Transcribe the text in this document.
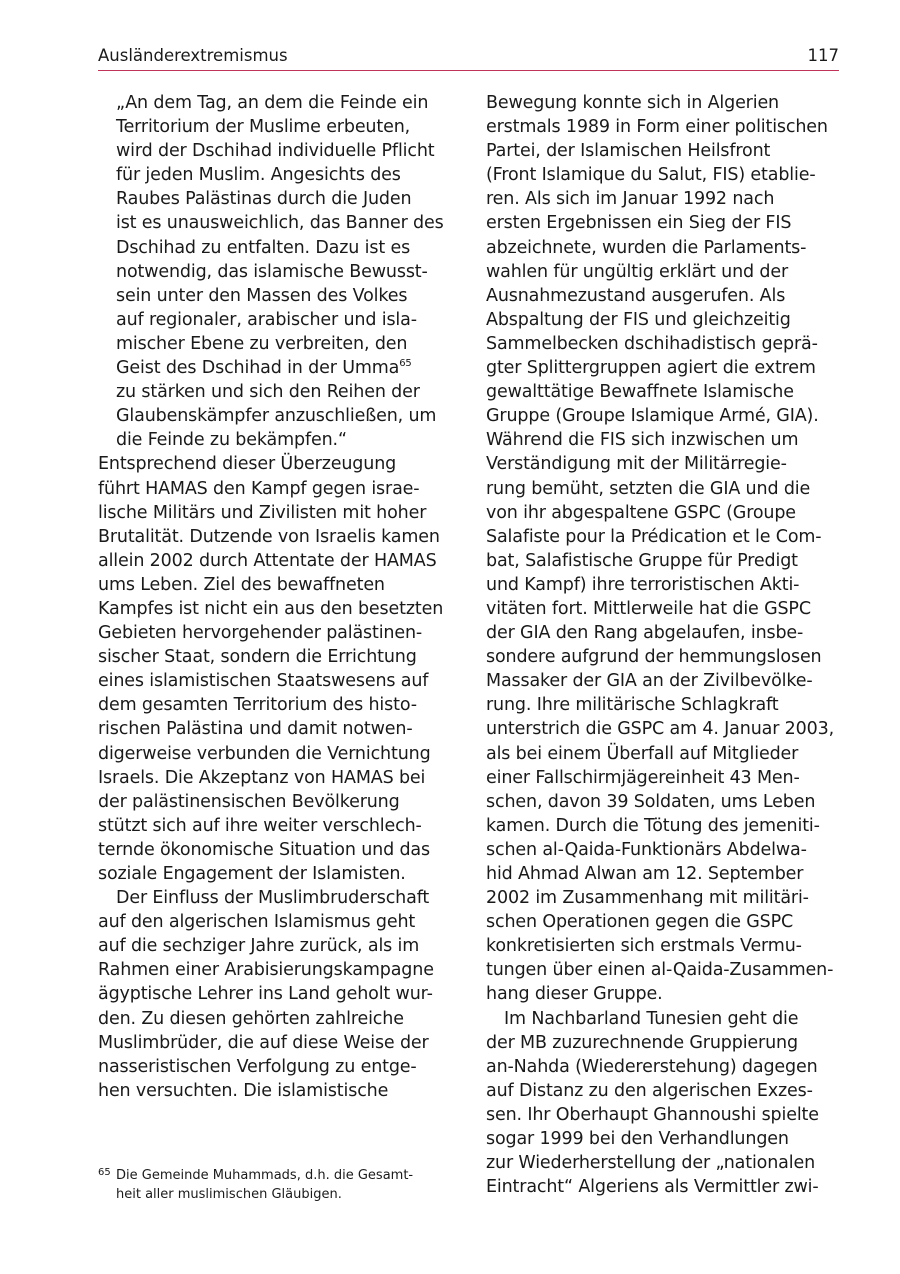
Ausländerextremismus	117
„An dem Tag, an dem die Feinde ein
Territorium der Muslime erbeuten,
wird der Dschihad individuelle Pflicht
für jeden Muslim. Angesichts des
Raubes Palästinas durch die Juden
ist es unausweichlich, das Banner des
Dschihad zu entfalten. Dazu ist es
notwendig, das islamische Bewusst-
sein unter den Massen des Volkes
auf regionaler, arabischer und isla-
mischer Ebene zu verbreiten, den
Geist des Dschihad in der Umma$^{65}$
zu stärken und sich den Reihen der
Glaubenskämpfer anzuschließen, um
die Feinde zu bekämpfen.“
Entsprechend dieser Überzeugung
führt HAMAS den Kampf gegen israe-
lische Militärs und Zivilisten mit hoher
Brutalität. Dutzende von Israelis kamen
allein 2002 durch Attentate der HAMAS
ums Leben. Ziel des bewaffneten
Kampfes ist nicht ein aus den besetzten
Gebieten hervorgehender palästinen-
sischer Staat, sondern die Errichtung
eines islamistischen Staatswesens auf
dem gesamten Territorium des histo-
rischen Palästina und damit notwen-
digerweise verbunden die Vernichtung
Israels. Die Akzeptanz von HAMAS bei
der palästinensischen Bevölkerung
stützt sich auf ihre weiter verschlech-
ternde ökonomische Situation und das
soziale Engagement der Islamisten.
Der Einfluss der Muslimbruderschaft
auf den algerischen Islamismus geht
auf die sechziger Jahre zurück, als im
Rahmen einer Arabisierungskampagne
ägyptische Lehrer ins Land geholt wur-
den. Zu diesen gehörten zahlreiche
Muslimbrüder, die auf diese Weise der
nasseristischen Verfolgung zu entge-
hen versuchten. Die islamistische
65 Die Gemeinde Muhammads, d.h. die Gesamt-
heit aller muslimischen Gläubigen.
Bewegung konnte sich in Algerien
erstmals 1989 in Form einer politischen
Partei, der Islamischen Heilsfront
(Front Islamique du Salut, FIS) etablie-
ren. Als sich im Januar 1992 nach
ersten Ergebnissen ein Sieg der FIS
abzeichnete, wurden die Parlaments-
wahlen für ungültig erklärt und der
Ausnahmezustand ausgerufen. Als
Abspaltung der FIS und gleichzeitig
Sammelbecken dschihadistisch geprä-
gter Splittergruppen agiert die extrem
gewalttätige Bewaffnete Islamische
Gruppe (Groupe Islamique Armé, GIA).
Während die FIS sich inzwischen um
Verständigung mit der Militärregie-
rung bemüht, setzten die GIA und die
von ihr abgespaltene GSPC (Groupe
Salafiste pour la Prédication et le Com-
bat, Salafistische Gruppe für Predigt
und Kampf) ihre terroristischen Akti-
vitäten fort. Mittlerweile hat die GSPC
der GIA den Rang abgelaufen, insbe-
sondere aufgrund der hemmungslosen
Massaker der GIA an der Zivilbevölke-
rung. Ihre militärische Schlagkraft
unterstrich die GSPC am 4. Januar 2003,
als bei einem Überfall auf Mitglieder
einer Fallschirmjägereinheit 43 Men-
schen, davon 39 Soldaten, ums Leben
kamen. Durch die Tötung des jemeniti-
schen al-Qaida-Funktionärs Abdelwa-
hid Ahmad Alwan am 12. September
2002 im Zusammenhang mit militäri-
schen Operationen gegen die GSPC
konkretisierten sich erstmals Vermu-
tungen über einen al-Qaida-Zusammen-
hang dieser Gruppe.
Im Nachbarland Tunesien geht die
der MB zuzurechnende Gruppierung
an-Nahda (Wiedererstehung) dagegen
auf Distanz zu den algerischen Exzes-
sen. Ihr Oberhaupt Ghannoushi spielte
sogar 1999 bei den Verhandlungen
zur Wiederherstellung der „nationalen
Eintracht“ Algeriens als Vermittler zwi-
